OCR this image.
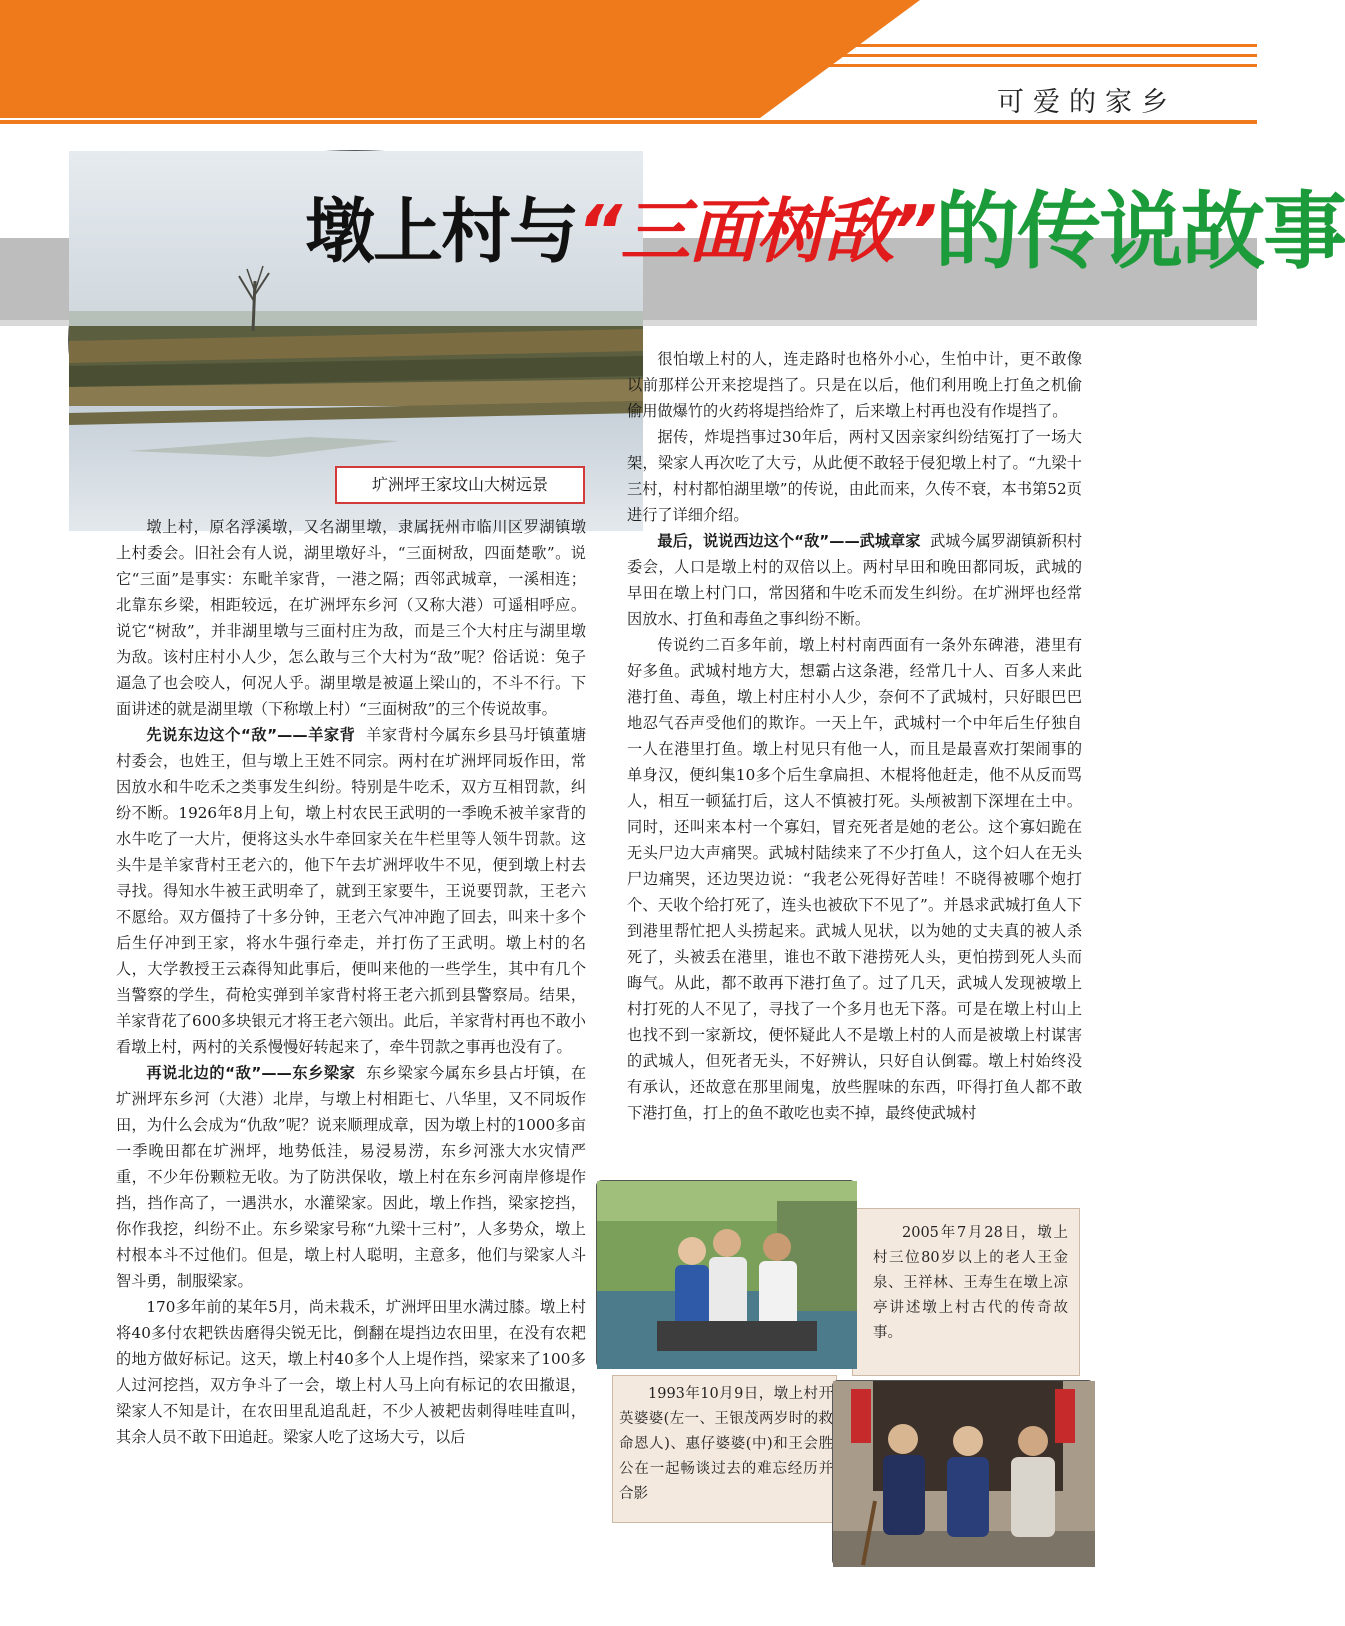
可爱的家乡
圹洲坪王家坟山大树远景
墩上村与“三面树敌”的传说故事

墩上村，原名浮溪墩，又名湖里墩，隶属抚州市临川区罗湖镇墩上村委会。旧社会有人说，湖里墩好斗，“三面树敌，四面楚歌”。说它“三面”是事实：东毗羊家背，一港之隔；西邻武城章，一溪相连；北靠东乡梁，相距较远，在圹洲坪东乡河（又称大港）可遥相呼应。说它“树敌”，并非湖里墩与三面村庄为敌，而是三个大村庄与湖里墩为敌。该村庄村小人少，怎么敢与三个大村为“敌”呢？俗话说：兔子逼急了也会咬人，何况人乎。湖里墩是被逼上梁山的，不斗不行。下面讲述的就是湖里墩（下称墩上村）“三面树敌”的三个传说故事。

先说东边这个“敌”——羊家背 羊家背村今属东乡县马圩镇董塘村委会，也姓王，但与墩上王姓不同宗。两村在圹洲坪同坂作田，常因放水和牛吃禾之类事发生纠纷。特别是牛吃禾，双方互相罚款，纠纷不断。1926年8月上旬，墩上村农民王武明的一季晚禾被羊家背的水牛吃了一大片，便将这头水牛牵回家关在牛栏里等人领牛罚款。这头牛是羊家背村王老六的，他下午去圹洲坪收牛不见，便到墩上村去寻找。得知水牛被王武明牵了，就到王家要牛，王说要罚款，王老六不愿给。双方僵持了十多分钟，王老六气冲冲跑了回去，叫来十多个后生仔冲到王家，将水牛强行牵走，并打伤了王武明。墩上村的名人，大学教授王云森得知此事后，便叫来他的一些学生，其中有几个当警察的学生，荷枪实弹到羊家背村将王老六抓到县警察局。结果，羊家背花了600多块银元才将王老六领出。此后，羊家背村再也不敢小看墩上村，两村的关系慢慢好转起来了，牵牛罚款之事再也没有了。

再说北边的“敌”——东乡梁家 东乡梁家今属东乡县占圩镇，在圹洲坪东乡河（大港）北岸，与墩上村相距七、八华里，又不同坂作田，为什么会成为“仇敌”呢？说来顺理成章，因为墩上村的1000多亩一季晚田都在圹洲坪，地势低洼，易浸易涝，东乡河涨大水灾情严重，不少年份颗粒无收。为了防洪保收，墩上村在东乡河南岸修堤作挡，挡作高了，一遇洪水，水灌梁家。因此，墩上作挡，梁家挖挡，你作我挖，纠纷不止。东乡梁家号称“九梁十三村”，人多势众，墩上村根本斗不过他们。但是，墩上村人聪明，主意多，他们与梁家人斗智斗勇，制服梁家。

170多年前的某年5月，尚未栽禾，圹洲坪田里水满过膝。墩上村将40多付农耙铁齿磨得尖锐无比，倒翻在堤挡边农田里，在没有农耙的地方做好标记。这天，墩上村40多个人上堤作挡，梁家来了100多人过河挖挡，双方争斗了一会，墩上村人马上向有标记的农田撤退，梁家人不知是计，在农田里乱追乱赶，不少人被耙齿刺得哇哇直叫，其余人员不敢下田追赶。梁家人吃了这场大亏，以后

很怕墩上村的人，连走路时也格外小心，生怕中计，更不敢像以前那样公开来挖堤挡了。只是在以后，他们利用晚上打鱼之机偷偷用做爆竹的火药将堤挡给炸了，后来墩上村再也没有作堤挡了。

据传，炸堤挡事过30年后，两村又因亲家纠纷结冤打了一场大架，梁家人再次吃了大亏，从此便不敢轻于侵犯墩上村了。“九梁十三村，村村都怕湖里墩”的传说，由此而来，久传不衰，本书第52页进行了详细介绍。

最后，说说西边这个“敌”——武城章家 武城今属罗湖镇新积村委会，人口是墩上村的双倍以上。两村早田和晚田都同坂，武城的早田在墩上村门口，常因猪和牛吃禾而发生纠纷。在圹洲坪也经常因放水、打鱼和毒鱼之事纠纷不断。

传说约二百多年前，墩上村村南西面有一条外东碑港，港里有好多鱼。武城村地方大，想霸占这条港，经常几十人、百多人来此港打鱼、毒鱼，墩上村庄村小人少，奈何不了武城村，只好眼巴巴地忍气吞声受他们的欺诈。一天上午，武城村一个中年后生仔独自一人在港里打鱼。墩上村见只有他一人，而且是最喜欢打架闹事的单身汉，便纠集10多个后生拿扁担、木棍将他赶走，他不从反而骂人，相互一顿猛打后，这人不慎被打死。头颅被割下深埋在土中。同时，还叫来本村一个寡妇，冒充死者是她的老公。这个寡妇跪在无头尸边大声痛哭。武城村陆续来了不少打鱼人，这个妇人在无头尸边痛哭，还边哭边说：“我老公死得好苦哇！不晓得被哪个炮打个、天收个给打死了，连头也被砍下不见了”。并恳求武城打鱼人下到港里帮忙把人头捞起来。武城人见状，以为她的丈夫真的被人杀死了，头被丢在港里，谁也不敢下港捞死人头，更怕捞到死人头而晦气。从此，都不敢再下港打鱼了。过了几天，武城人发现被墩上村打死的人不见了，寻找了一个多月也无下落。可是在墩上村山上也找不到一家新坟，便怀疑此人不是墩上村的人而是被墩上村谋害的武城人，但死者无头，不好辨认，只好自认倒霉。墩上村始终没有承认，还故意在那里闹鬼，放些腥味的东西，吓得打鱼人都不敢下港打鱼，打上的鱼不敢吃也卖不掉，最终使武城村

2005年7月28日，墩上村三位80岁以上的老人王金泉、王祥林、王寿生在墩上凉亭讲述墩上村古代的传奇故事。
1993年10月9日，墩上村开英婆婆(左一、王银茂两岁时的救命恩人)、惠仔婆婆(中)和王会胜公在一起畅谈过去的难忘经历并合影
